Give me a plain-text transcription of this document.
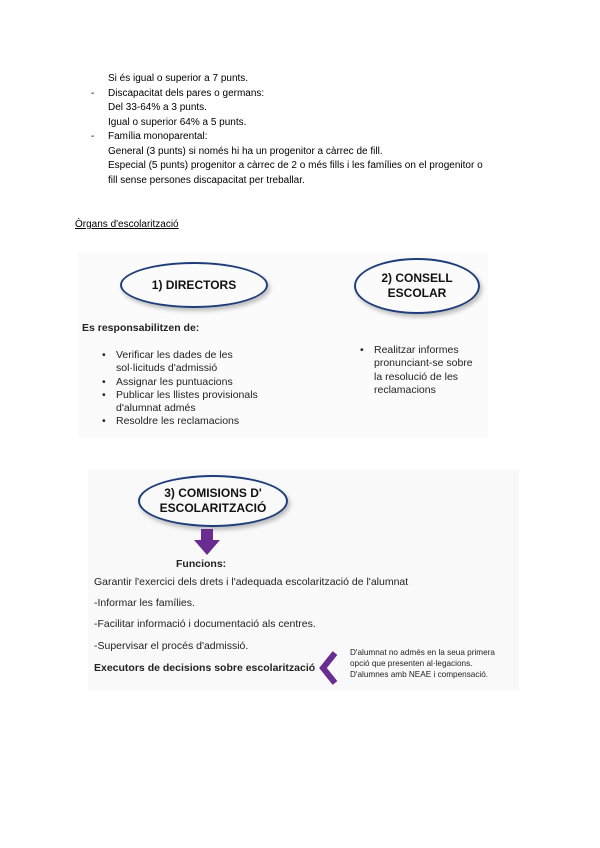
Si és igual o superior a 7 punts.
- Discapacitat dels pares o germans:
Del 33-64% a 3 punts.
Igual o superior 64% a 5 punts.
- Família monoparental:
General (3 punts) si només hi ha un progenitor a càrrec de fill.
Especial (5 punts) progenitor a càrrec de 2 o més fills i les famílies on el progenitor o
fill sense persones discapacitat per treballar.
Òrgans d'escolarització
1) DIRECTORS	2) CONSELL
ESCOLAR
Es responsabilitzen de:
• Verificar les dades de les
sol·licituds d'admissió
• Assignar les puntuacions
• Publicar les llistes provisionals
d'alumnat admés
• Resoldre les reclamacions
• Realitzar informes
pronunciant-se sobre
la resolució de les
reclamacions
3) COMISIONS D'
ESCOLARITZACIÓ
Funcions:
Garantir l'exercici dels drets i l'adequada escolarització de l'alumnat
-Informar les famílies.
-Facilitar informació i documentació als centres.
-Supervisar el procés d'admissió.
Executors de decisions sobre escolarització
D'alumnat no admés en la seua primera
opció que presenten al·legacions.
D'alumnes amb NEAE i compensació.
